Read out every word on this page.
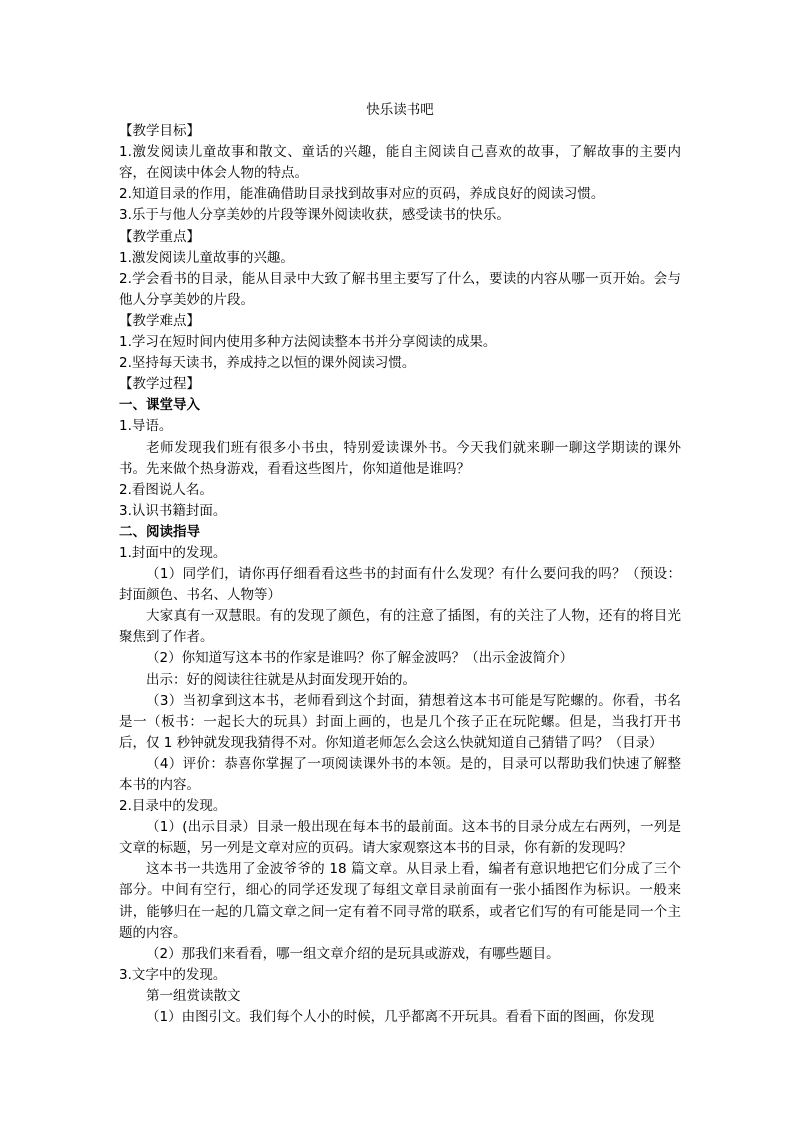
快乐读书吧

【教学目标】

1.激发阅读儿童故事和散文、童话的兴趣，能自主阅读自己喜欢的故事，了解故事的主要内容，在阅读中体会人物的特点。

2.知道目录的作用，能准确借助目录找到故事对应的页码，养成良好的阅读习惯。

3.乐于与他人分享美妙的片段等课外阅读收获，感受读书的快乐。

【教学重点】

1.激发阅读儿童故事的兴趣。

2.学会看书的目录，能从目录中大致了解书里主要写了什么，要读的内容从哪一页开始。会与他人分享美妙的片段。

【教学难点】

1.学习在短时间内使用多种方法阅读整本书并分享阅读的成果。

2.坚持每天读书，养成持之以恒的课外阅读习惯。

【教学过程】

一、课堂导入

1.导语。

老师发现我们班有很多小书虫，特别爱读课外书。今天我们就来聊一聊这学期读的课外书。先来做个热身游戏，看看这些图片，你知道他是谁吗？

2.看图说人名。

3.认识书籍封面。

二、阅读指导

1.封面中的发现。

（1）同学们，请你再仔细看看这些书的封面有什么发现？有什么要问我的吗？（预设：封面颜色、书名、人物等）

大家真有一双慧眼。有的发现了颜色，有的注意了插图，有的关注了人物，还有的将目光聚焦到了作者。

（2）你知道写这本书的作家是谁吗？你了解金波吗？（出示金波简介）

出示：好的阅读往往就是从封面发现开始的。

（3）当初拿到这本书，老师看到这个封面，猜想着这本书可能是写陀螺的。你看，书名是一（板书：一起长大的玩具）封面上画的，也是几个孩子正在玩陀螺。但是，当我打开书后，仅 1 秒钟就发现我猜得不对。你知道老师怎么会这么快就知道自己猜错了吗？（目录）

（4）评价：恭喜你掌握了一项阅读课外书的本领。是的，目录可以帮助我们快速了解整本书的内容。

2.目录中的发现。

（1）(出示目录）目录一般出现在每本书的最前面。这本书的目录分成左右两列，一列是文章的标题，另一列是文章对应的页码。请大家观察这本书的目录，你有新的发现吗？

这本书一共选用了金波爷爷的 18 篇文章。从目录上看，编者有意识地把它们分成了三个部分。中间有空行，细心的同学还发现了每组文章目录前面有一张小插图作为标识。一般来讲，能够归在一起的几篇文章之间一定有着不同寻常的联系，或者它们写的有可能是同一个主题的内容。

（2）那我们来看看，哪一组文章介绍的是玩具或游戏，有哪些题目。

3.文字中的发现。

第一组赏读散文

（1）由图引文。我们每个人小的时候，几乎都离不开玩具。看看下面的图画，你发现
